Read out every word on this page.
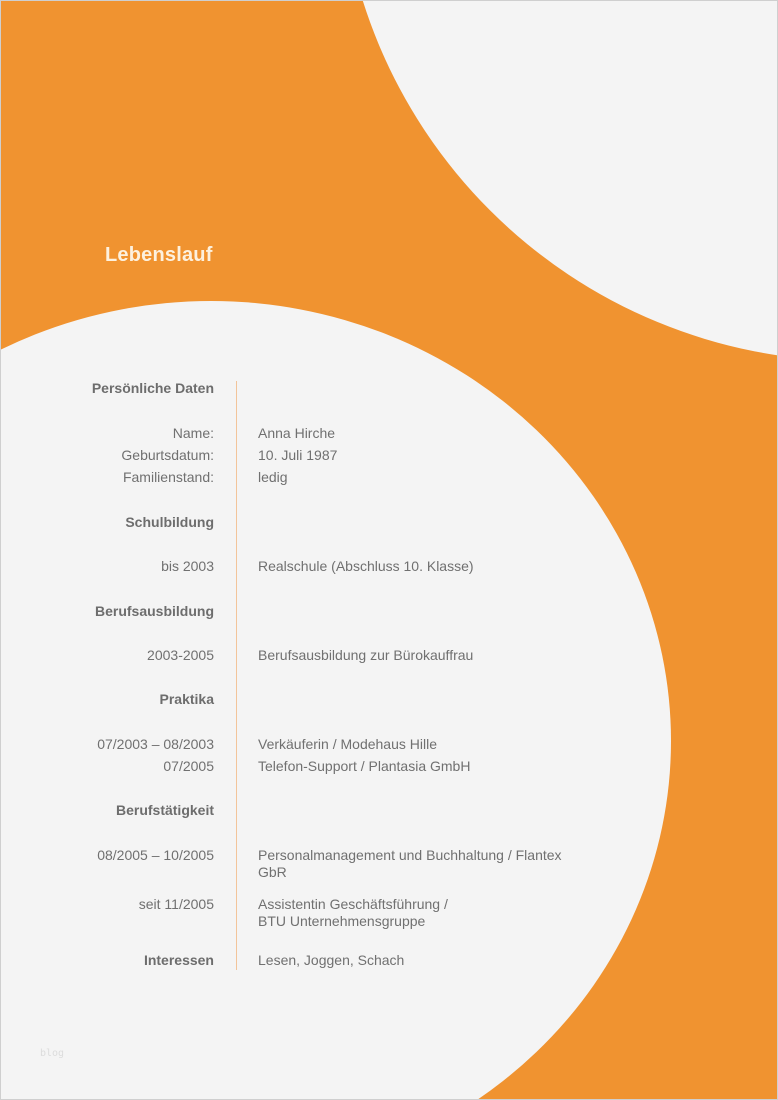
Lebenslauf
Persönliche Daten
Name:	Anna Hirche
Geburtsdatum:	10. Juli 1987
Familienstand:	ledig
Schulbildung
bis 2003	Realschule (Abschluss 10. Klasse)
Berufsausbildung
2003-2005	Berufsausbildung zur Bürokauffrau
Praktika
07/2003 – 08/2003	Verkäuferin / Modehaus Hille
07/2005	Telefon-Support / Plantasia GmbH
Berufstätigkeit
08/2005 – 10/2005	Personalmanagement und Buchhaltung / Flantex GbR
seit 11/2005	Assistentin Geschäftsführung / BTU Unternehmensgruppe
Interessen	Lesen, Joggen, Schach
blog
